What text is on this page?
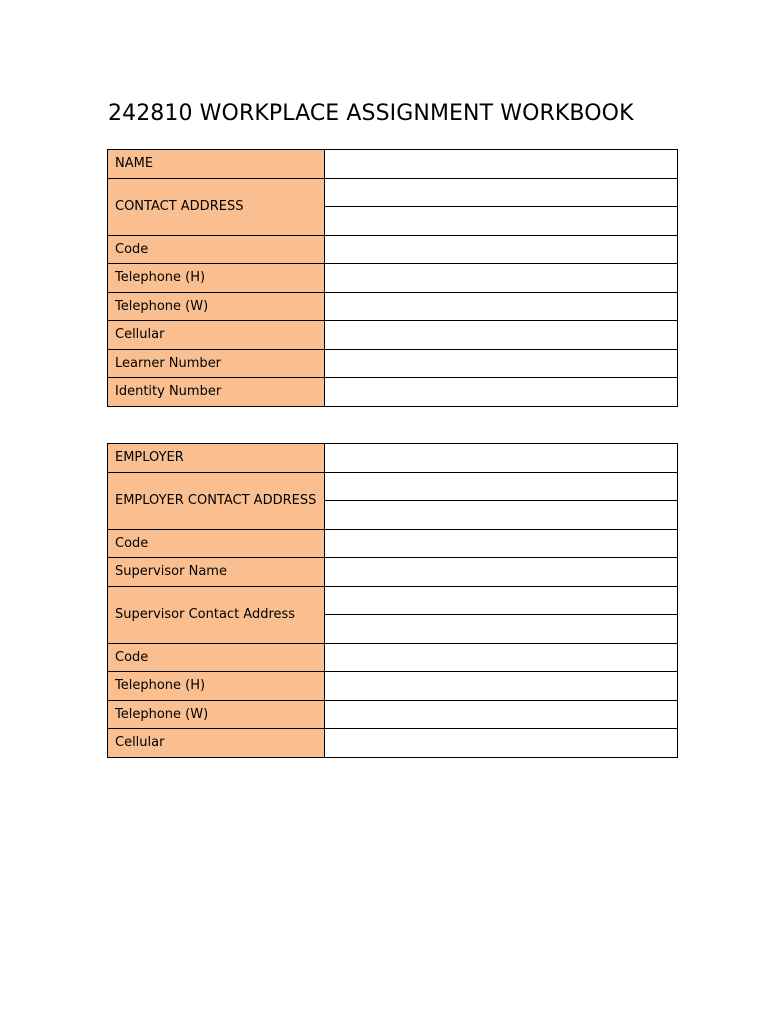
242810 WORKPLACE ASSIGNMENT WORKBOOK
NAME	
CONTACT ADDRESS	

Code	
Telephone (H)	
Telephone (W)	
Cellular	
Learner Number	
Identity Number	
EMPLOYER	
EMPLOYER CONTACT ADDRESS	

Code	
Supervisor Name	
Supervisor Contact Address	

Code	
Telephone (H)	
Telephone (W)	
Cellular	
